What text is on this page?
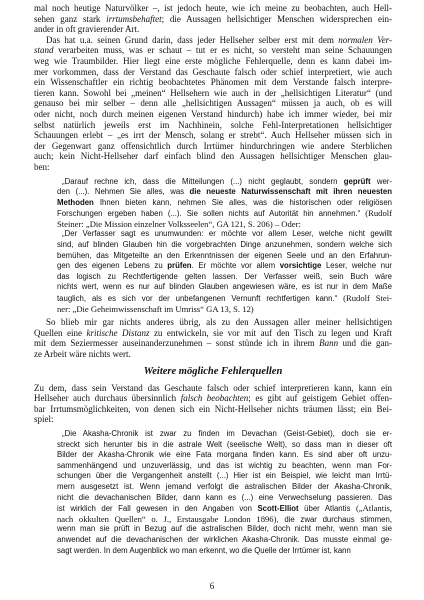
mal noch heutige Naturvölker –, ist jedoch heute, wie ich meine zu beobachten, auch Hell-
sehen ganz stark irrtumsbehaftet; die Aussagen hellsichtiger Menschen widersprechen ein-
ander in oft gravierender Art.
Das hat u.a. seinen Grund darin, dass jeder Hellseher selber erst mit dem normalen Ver-
stand verarbeiten muss, was er schaut – tut er es nicht, so versteht man seine Schauungen
weg wie Traumbilder. Hier liegt eine erste mögliche Fehlerquelle, denn es kann dabei im-
mer vorkommen, dass der Verstand das Geschaute falsch oder schief interpretiert, wie auch
ein Wissenschaftler ein richtig beobachtetes Phänomen mit dem Verstande falsch interpre-
tieren kann. Sowohl bei „meinen“ Hellsehern wie auch in der „hellsichtigen Literatur“ (und
genauso bei mir selber – denn alle „hellsichtigen Aussagen“ müssen ja auch, ob es will
oder nicht, noch durch meinen eigenen Verstand hindurch) habe ich immer wieder, bei mir
selbst natürlich jeweils erst im Nachhinein, solche Fehl-Interpretationen hellsichtiger
Schauungen erlebt – „es irrt der Mensch, solang er strebt“. Auch Hellseher müssen sich in
der Gegenwart ganz offensichtlich durch Irrtümer hindurchringen wie andere Sterblichen
auch; kein Nicht-Hellseher darf einfach blind den Aussagen hellsichtiger Menschen glau-
ben:
„Darauf rechne ich, dass die Mitteilungen (...) nicht geglaubt, sondern geprüft wer-
den (...). Nehmen Sie alles, was die neueste Naturwissenschaft mit ihren neuesten
Methoden Ihnen bieten kann, nehmen Sie alles, was die historischen oder religiösen
Forschungen ergeben haben (...). Sie sollen nichts auf Autorität hin annehmen.“ (Rudolf
Steiner: „Die Mission einzelner Volksseelen“, GA 121, S. 206) – Oder:
„Der Verfasser sagt es unumwunden: er möchte vor allem Leser, welche nicht gewillt
sind, auf blinden Glauben hin die vorgebrachten Dinge anzunehmen, sondern welche sich
bemühen, das Mitgeteilte an den Erkenntnissen der eigenen Seele und an den Erfahrun-
gen des eigenen Lebens zu prüfen. Er möchte vor allem vorsichtige Leser, welche nur
das logisch zu Rechtfertigende gelten lassen. Der Verfasser weiß, sein Buch wäre
nichts wert, wenn es nur auf blinden Glauben angewiesen wäre, es ist nur in dem Maße
tauglich, als es sich vor der unbefangenen Vernunft rechtfertigen kann.“ (Rudolf Stei-
ner: „Die Geheimwissenschaft im Umriss“ GA 13, S. 12)
So blieb mir gar nichts anderes übrig, als zu den Aussagen aller meiner hellsichtigen
Quellen eine kritische Distanz zu entwickeln, sie vor mit auf den Tisch zu legen und Kraft
mit dem Seziermesser auseinanderzunehmen – sonst stünde ich in ihrem Bann und die gan-
ze Arbeit wäre nichts wert.
Weitere mögliche Fehlerquellen
Zu dem, dass sein Verstand das Geschaute falsch oder schief interpretieren kann, kann ein
Hellseher auch durchaus übersinnlich falsch beobachten; es gibt auf geistigem Gebiet offen-
bar Irrtumsmöglichkeiten, von denen sich ein Nicht-Hellseher nichts träumen lässt; ein Bei-
spiel:
„Die Akasha-Chronik ist zwar zu finden im Devachan (Geist-Gebiet), doch sie er-
streckt sich herunter bis in die astrale Welt (seelische Welt), so dass man in dieser oft
Bilder der Akasha-Chronik wie eine Fata morgana finden kann. Es sind aber oft unzu-
sammenhängend und unzuverlässig, und das ist wichtig zu beachten, wenn man For-
schungen über die Vergangenheit anstellt (...) Hier ist ein Beispiel, wie leicht man Irrtü-
mern ausgesetzt ist. Wenn jemand verfolgt die astralischen Bilder der Akasha-Chronik,
nicht die devachanischen Bilder, dann kann es (...) eine Verwechselung passieren. Das
ist wirklich der Fall gewesen in den Angaben von Scott-Elliot über Atlantis („Atlantis,
nach okkulten Quellen“ o. J., Erstausgabe London 1896), die zwar durchaus stimmen,
wenn man sie prüft in Bezug auf die astralischen Bilder, doch nicht mehr, wenn man sie
anwendet auf die devachanischen der wirklichen Akasha-Chronik. Das musste einmal ge-
sagt werden. In dem Augenblick wo man erkennt, wo die Quelle der Irrtümer ist, kann
6
